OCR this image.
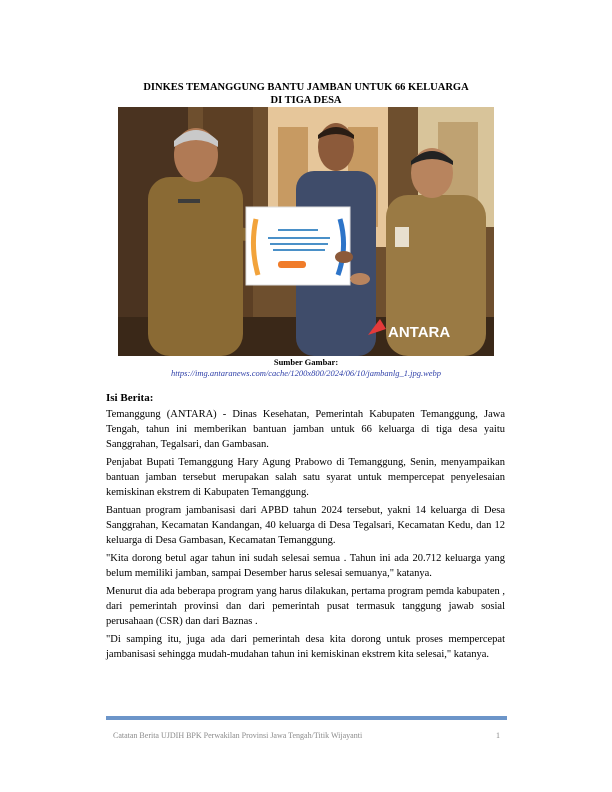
DINKES TEMANGGUNG BANTU JAMBAN UNTUK 66 KELUARGA
DI TIGA DESA
ANTARA
Sumber Gambar:
https://img.antaranews.com/cache/1200x800/2024/06/10/jambanlg_1.jpg.webp
Isi Berita:

Temanggung (ANTARA) - Dinas Kesehatan, Pemerintah Kabupaten Temanggung, Jawa Tengah, tahun ini memberikan bantuan jamban untuk 66 keluarga di tiga desa yaitu Sanggrahan, Tegalsari, dan Gambasan.

Penjabat Bupati Temanggung Hary Agung Prabowo di Temanggung, Senin, menyampaikan bantuan jamban tersebut merupakan salah satu syarat untuk mempercepat penyelesaian kemiskinan ekstrem di Kabupaten Temanggung.

Bantuan program jambanisasi dari APBD tahun 2024 tersebut, yakni 14 keluarga di Desa Sanggrahan, Kecamatan Kandangan, 40 keluarga di Desa Tegalsari, Kecamatan Kedu, dan 12 keluarga di Desa Gambasan, Kecamatan Temanggung.

"Kita dorong betul agar tahun ini sudah selesai semua . Tahun ini ada 20.712 keluarga yang belum memiliki jamban, sampai Desember harus selesai semuanya," katanya.

Menurut dia ada beberapa program yang harus dilakukan, pertama program pemda kabupaten , dari pemerintah provinsi dan dari pemerintah pusat termasuk tanggung jawab sosial perusahaan (CSR) dan dari Baznas .

"Di samping itu, juga ada dari pemerintah desa kita dorong untuk proses mempercepat jambanisasi sehingga mudah-mudahan tahun ini kemiskinan ekstrem kita selesai," katanya.

Catatan Berita UJDIH BPK Perwakilan Provinsi Jawa Tengah/Titik Wijayanti	1
